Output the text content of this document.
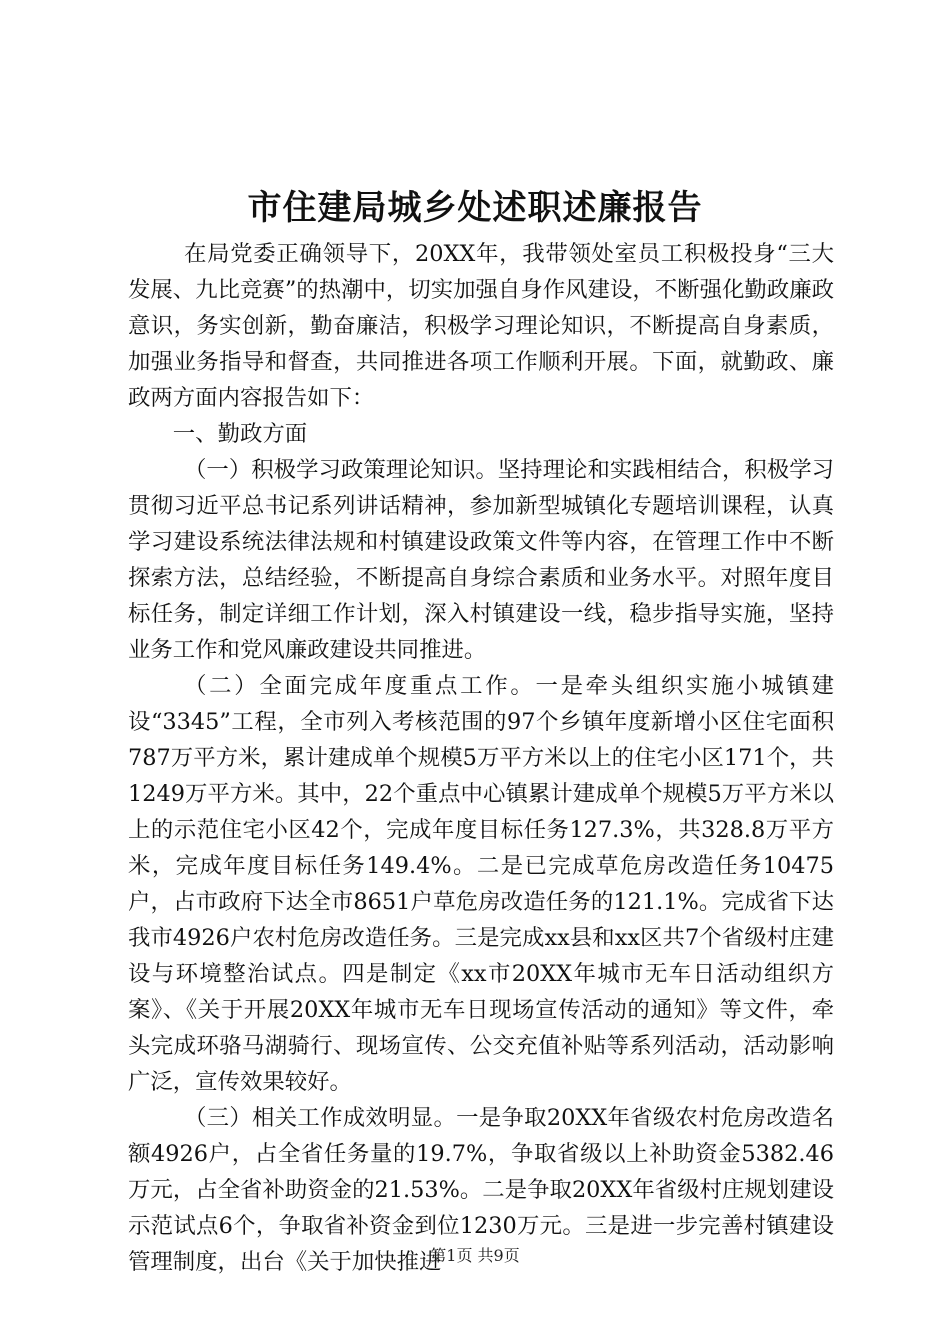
市住建局城乡处述职述廉报告

在局党委正确领导下，20XX年，我带领处室员工积极投身“三大发展、九比竞赛”的热潮中，切实加强自身作风建设，不断强化勤政廉政意识，务实创新，勤奋廉洁，积极学习理论知识，不断提高自身素质，加强业务指导和督查，共同推进各项工作顺利开展。下面，就勤政、廉政两方面内容报告如下：

一、勤政方面

（一）积极学习政策理论知识。坚持理论和实践相结合，积极学习贯彻习近平总书记系列讲话精神，参加新型城镇化专题培训课程，认真学习建设系统法律法规和村镇建设政策文件等内容，在管理工作中不断探索方法，总结经验，不断提高自身综合素质和业务水平。对照年度目标任务，制定详细工作计划，深入村镇建设一线，稳步指导实施，坚持业务工作和党风廉政建设共同推进。

（二）全面完成年度重点工作。一是牵头组织实施小城镇建设“3345”工程，全市列入考核范围的97个乡镇年度新增小区住宅面积787万平方米，累计建成单个规模5万平方米以上的住宅小区171个，共1249万平方米。其中，22个重点中心镇累计建成单个规模5万平方米以上的示范住宅小区42个，完成年度目标任务127.3%，共328.8万平方米，完成年度目标任务149.4%。二是已完成草危房改造任务10475户，占市政府下达全市8651户草危房改造任务的121.1%。完成省下达我市4926户农村危房改造任务。三是完成xx县和xx区共7个省级村庄建设与环境整治试点。四是制定《xx市20XX年城市无车日活动组织方案》、《关于开展20XX年城市无车日现场宣传活动的通知》等文件，牵头完成环骆马湖骑行、现场宣传、公交充值补贴等系列活动，活动影响广泛，宣传效果较好。

（三）相关工作成效明显。一是争取20XX年省级农村危房改造名额4926户，占全省任务量的19.7%，争取省级以上补助资金5382.46万元，占全省补助资金的21.53%。二是争取20XX年省级村庄规划建设示范试点6个，争取省补资金到位1230万元。三是进一步完善村镇建设管理制度，出台《关于加快推进

第1页 共9页
